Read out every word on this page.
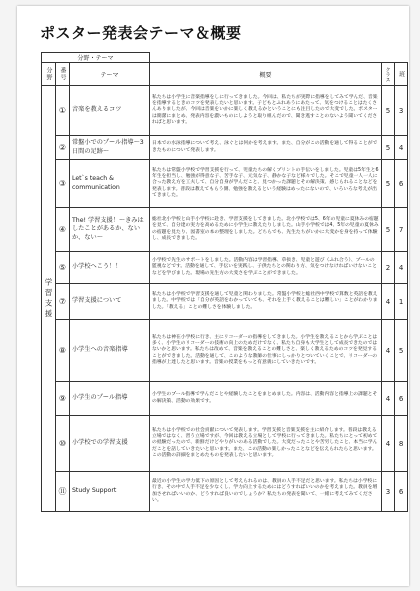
ポスター発表会テーマ＆概要
分野・テーマ					

分野	番号	テーマ	概要	クラス	班

学習支援	①	音楽を教えるコツ	私たちは小学生に音楽指導をしに行ってきました。今回は、私たちが実際に指導をしてみて学んだ、音楽を指導するときのコツを発表したいと思います。子どもとふれあうにあたって、気をつけることはたくさんありましたが、今回は音楽をいかに楽しく教えるかということにも注目したので大変でした。ポスターは簡潔にまとめ、発表内容を濃いものにしようと取り組んだので、聞き逃すことのないよう聞いてくださればと思います。	5	3
	②	常盤小でのプール指導～3日間の足跡～	日本での水泳指導について考え、泳ぐとは何かを考えます。また、自分がこの活動を通して得ることができたものについて発表します。	5	4
	③	Let`s teach & communication	私たちは常盤小学校で学習支援を行って、児童たちの解くプリントの手伝いをしました。児童は5年生と6年生を担当し、勉強が得意な子、苦手な子、元気な子、静かな子など様々でした。そこで児童一人一人に合った教え方を工夫して、自分自身が学んだこと、見つかった課題とその解決策、感じられることなどを発表します。普段は教えてもらう側、勉強を教えるという経験はめったにないので、いろいろな考えが出てきました。	5	6
	④	The! 学習支援！～きみはしたことがあるか、ないか、ない～	総社北小学校と山手小学校に赴き、学習支援をしてきました。北小学校では5、6年の児童に夏休みの宿題を見て、自分達の実力を高めるために小学生に教えたりしました。山手小学校では4、5年の児童の夏休みの宿題を見たり、図書室の本の整理をしました。どちらでも、先生たちがいかに大変かを身を持って体験し、成長できました。	5	7
	⑤	小学校へこう！！	小学校で先生のサポートをしました。活動内容は学習指導、草抜き、児童と遊び（ふれ合う）、プールの監視などです。活動を通して、手伝いを実践し、子供たちとの関わり方、気をつけなければいけないことなどを学びました。現場の先生方の大変さを学ぶことができました。	2	4
	⑦	学習支援について	私たちは小学校で学習支援を通して児童と関わりました。常盤小学校と総社西中学校で算数と英語を教えました。中学校では「自分が英語をわかっていても、それを上手く教えることは難しい」ことがわかりました。「教える」ことの難しさを体験しました。	4	1
	⑧	小学生への音楽指導	私たちは神在小学校に行き、主にリコーダーの指導をしてきました。小学生を教えることから学ぶことは多く、小学生のリコーダーの技術の向上のためだけでなく、私たち自身も大学生として成長できたのではないかと思います。私たちは改めて、音楽を教えることの難しさと、楽しく教えるためのコツを発見することができました。活動を通して、このような教師の仕事にしっかりとついていくことで、リコーダーの指導が上達したと思います。音楽の授業をもっと有意義にしていきたいです。	4	5
	⑨	小学生のプール指導	小学生のプール指導で学んだことや経験したことをまとめました。内容は、活動内容と指導上の課題とその解決策、活動の効果です。	4	6
	⑩	小学校での学習支援	私たちは小学校での社会貢献について発表します。学習支援と音楽支援を主に紹介します。普段は教える立場ではなく、習う立場ですが、今回は教える立場として学校に行ってきました。私たちにとって初めての経験だったので、新鮮だけどやりがいのある活動でした。大変だったことや苦労したこと、本当に学んだことを話していきたいと思います。また、この活動の楽しかったことなどを伝えられたらと思います。この活動の詳細をまとめたものを発表したいと思います。	4	8
	⑪	Study Support	最近の小学生の学力低下の原因として考えられるのは、教員の人手不足だと思います。私たちは小学校に行き、その中で人手不足を少なくし、学力向上するためにはどうすればいいのかを考えました。教員を増加させればいいのか、どうすれば良いのでしょうか？私たちの発表を聞いて、一緒に考えてみてください。	3	6
